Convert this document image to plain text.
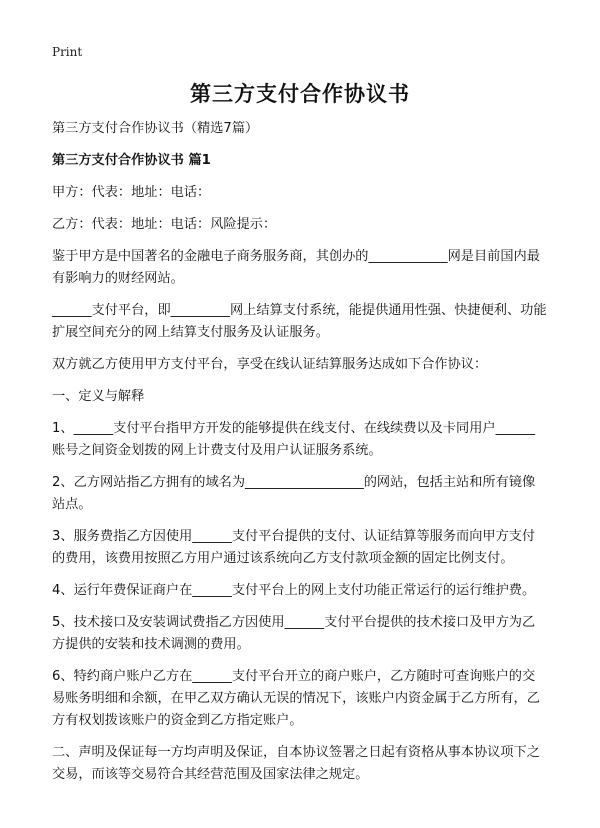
Print
第三方支付合作协议书

第三方支付合作协议书（精选7篇）

第三方支付合作协议书 篇1

甲方：代表：地址：电话：

乙方：代表：地址：电话：风险提示：

鉴于甲方是中国著名的金融电子商务服务商，其创办的____________网是目前国内最有影响力的财经网站。

______支付平台，即_________网上结算支付系统，能提供通用性强、快捷便利、功能扩展空间充分的网上结算支付服务及认证服务。

双方就乙方使用甲方支付平台，享受在线认证结算服务达成如下合作协议：

一、定义与解释

1、______支付平台指甲方开发的能够提供在线支付、在线续费以及卡同用户______账号之间资金划拨的网上计费支付及用户认证服务系统。

2、乙方网站指乙方拥有的域名为__________________的网站，包括主站和所有镜像站点。

3、服务费指乙方因使用______支付平台提供的支付、认证结算等服务而向甲方支付的费用，该费用按照乙方用户通过该系统向乙方支付款项金额的固定比例支付。

4、运行年费保证商户在______支付平台上的网上支付功能正常运行的运行维护费。

5、技术接口及安装调试费指乙方因使用______支付平台提供的技术接口及甲方为乙方提供的安装和技术调测的费用。

6、特约商户账户乙方在______支付平台开立的商户账户，乙方随时可查询账户的交易账务明细和余额，在甲乙双方确认无误的情况下，该账户内资金属于乙方所有，乙方有权划拨该账户的资金到乙方指定账户。

二、声明及保证每一方均声明及保证，自本协议签署之日起有资格从事本协议项下之交易，而该等交易符合其经营范围及国家法律之规定。
